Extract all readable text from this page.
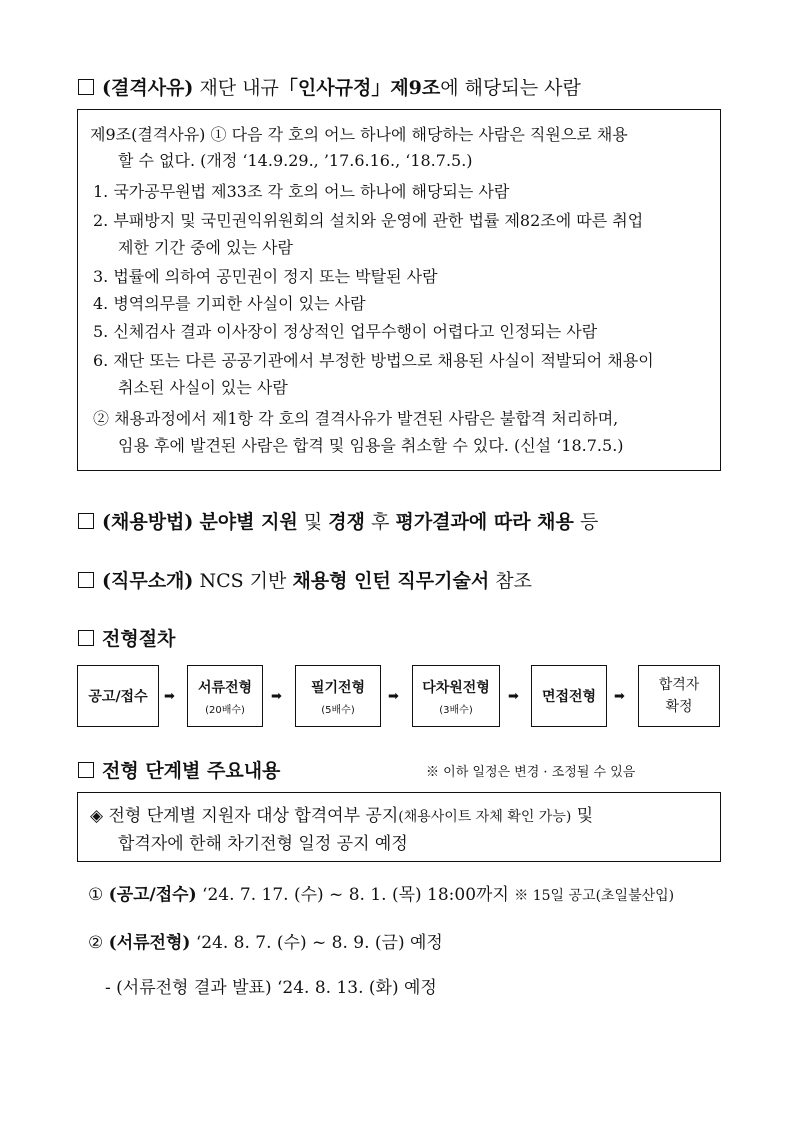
(결격사유) 재단 내규「인사규정」제9조에 해당되는 사람
제9조(결격사유) ① 다음 각 호의 어느 하나에 해당하는 사람은 직원으로 채용
할 수 없다. (개정 ‘14.9.29., ’17.6.16., ‘18.7.5.)
1. 국가공무원법 제33조 각 호의 어느 하나에 해당되는 사람
2. 부패방지 및 국민권익위원회의 설치와 운영에 관한 법률 제82조에 따른 취업
제한 기간 중에 있는 사람
3. 법률에 의하여 공민권이 정지 또는 박탈된 사람
4. 병역의무를 기피한 사실이 있는 사람
5. 신체검사 결과 이사장이 정상적인 업무수행이 어렵다고 인정되는 사람
6. 재단 또는 다른 공공기관에서 부정한 방법으로 채용된 사실이 적발되어 채용이
취소된 사실이 있는 사람
② 채용과정에서 제1항 각 호의 결격사유가 발견된 사람은 불합격 처리하며,
임용 후에 발견된 사람은 합격 및 임용을 취소할 수 있다. (신설 ‘18.7.5.)
(채용방법) 분야별 지원 및 경쟁 후 평가결과에 따라 채용 등
(직무소개) NCS 기반 채용형 인턴 직무기술서 참조
전형절차
공고/접수 ➡
서류전형
(20배수)
➡
필기전형
(5배수)
➡
다차원전형
(3배수)
➡ 면접전형 ➡
합격자 확정
전형 단계별 주요내용	※ 이하 일정은 변경 · 조정될 수 있음
◈ 전형 단계별 지원자 대상 합격여부 공지(채용사이트 자체 확인 가능) 및
합격자에 한해 차기전형 일정 공지 예정
① (공고/접수) ‘24. 7. 17. (수) ~ 8. 1. (목) 18:00까지 ※ 15일 공고(초일불산입)
② (서류전형) ‘24. 8. 7. (수) ~ 8. 9. (금) 예정
- (서류전형 결과 발표) ‘24. 8. 13. (화) 예정
